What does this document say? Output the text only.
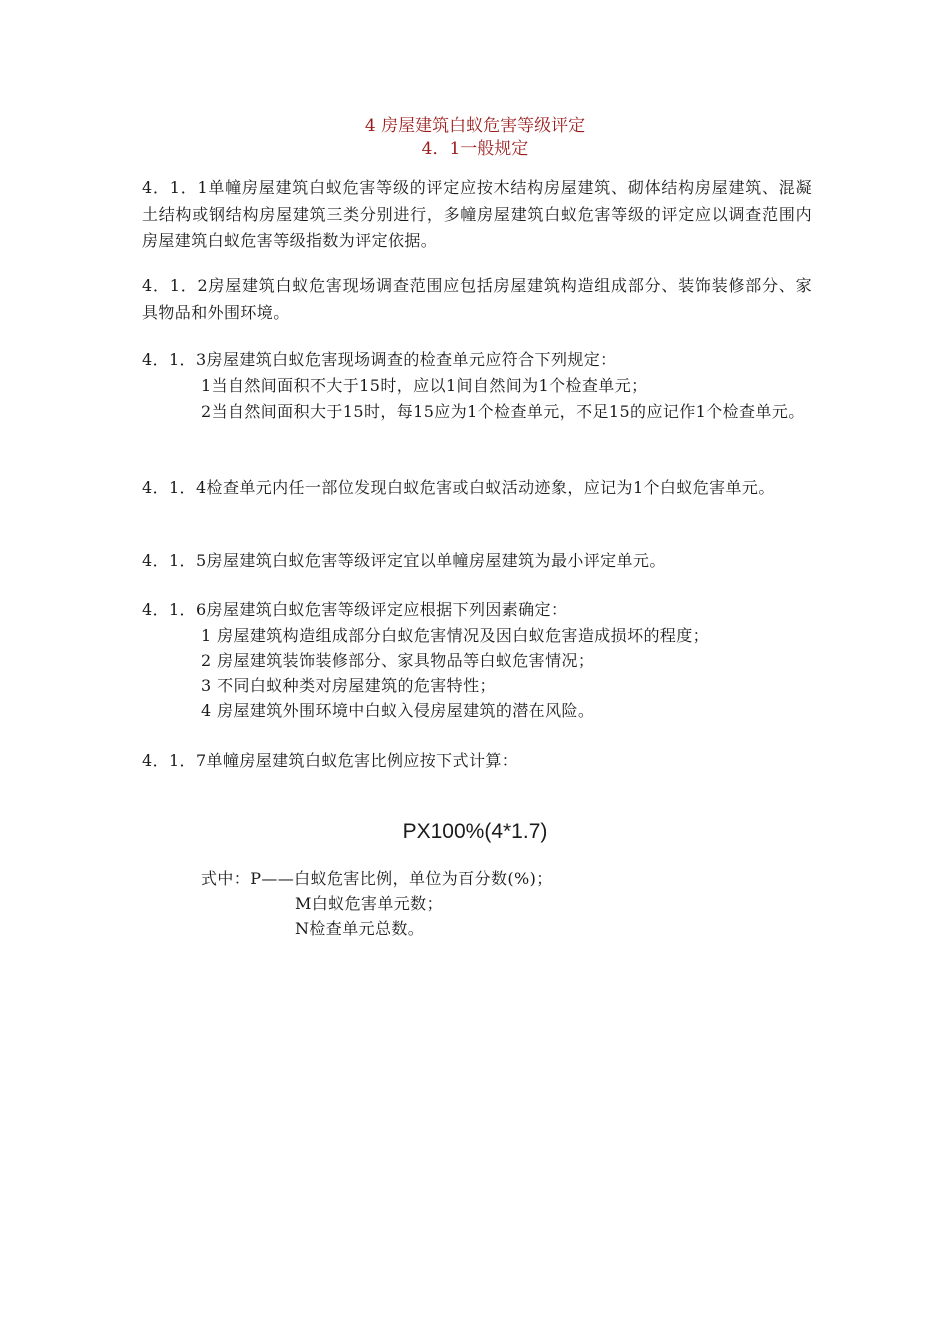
4 房屋建筑白蚁危害等级评定
4．1一般规定
4．1．1单幢房屋建筑白蚁危害等级的评定应按木结构房屋建筑、砌体结构房屋建筑、混凝土结构或钢结构房屋建筑三类分别进行，多幢房屋建筑白蚁危害等级的评定应以调查范围内房屋建筑白蚁危害等级指数为评定依据。
4．1．2房屋建筑白蚁危害现场调查范围应包括房屋建筑构造组成部分、装饰装修部分、家具物品和外围环境。
4．1．3房屋建筑白蚁危害现场调查的检查单元应符合下列规定：
1当自然间面积不大于15时，应以1间自然间为1个检查单元；
2当自然间面积大于15时，每15应为1个检查单元，不足15的应记作1个检查单元。
4．1．4检查单元内任一部位发现白蚁危害或白蚁活动迹象，应记为1个白蚁危害单元。
4．1．5房屋建筑白蚁危害等级评定宜以单幢房屋建筑为最小评定单元。
4．1．6房屋建筑白蚁危害等级评定应根据下列因素确定：
1 房屋建筑构造组成部分白蚁危害情况及因白蚁危害造成损坏的程度；
2 房屋建筑装饰装修部分、家具物品等白蚁危害情况；
3 不同白蚁种类对房屋建筑的危害特性；
4 房屋建筑外围环境中白蚁入侵房屋建筑的潜在风险。
4．1．7单幢房屋建筑白蚁危害比例应按下式计算：
PX100%(4*1.7)
式中：P——白蚁危害比例，单位为百分数(%)；
M白蚁危害单元数；
N检查单元总数。
